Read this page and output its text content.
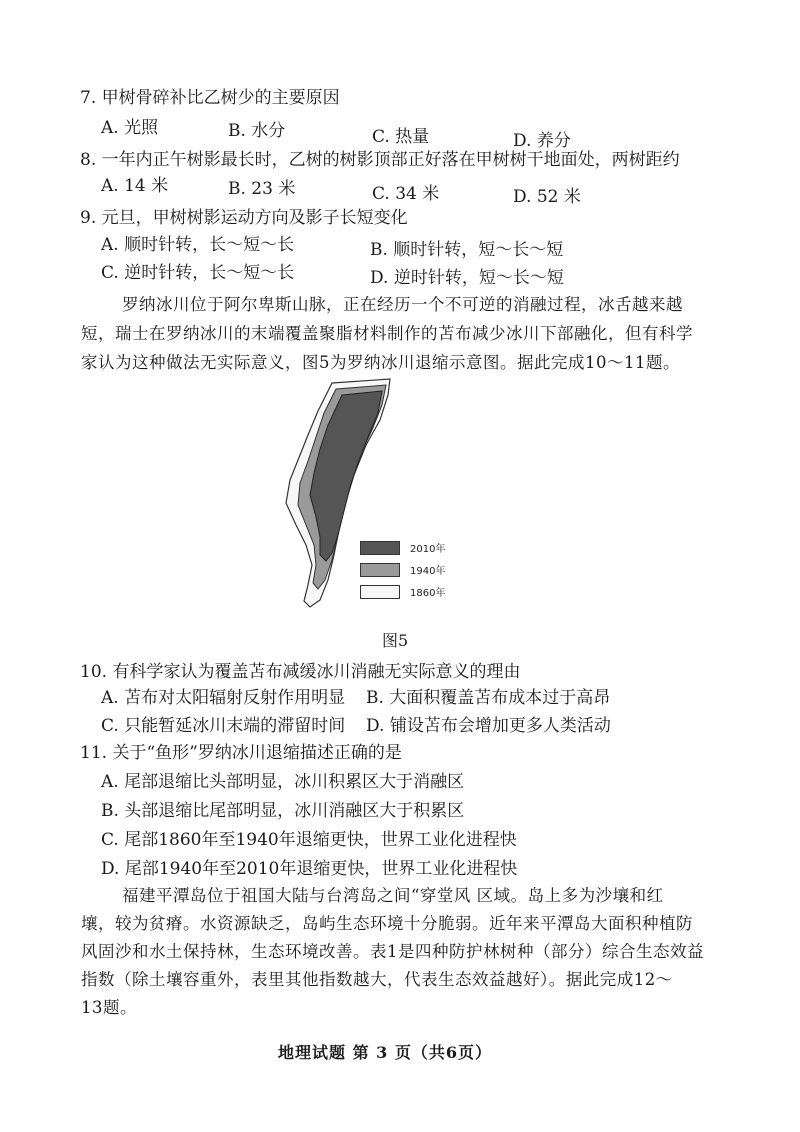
7. 甲树骨碎补比乙树少的主要原因
A. 光照	B. 水分	C. 热量	D. 养分
8. 一年内正午树影最长时，乙树的树影顶部正好落在甲树树干地面处，两树距约
A. 14 米	B. 23 米	C. 34 米	D. 52 米
9. 元旦，甲树树影运动方向及影子长短变化
A. 顺时针转，长～短～长	B. 顺时针转，短～长～短
C. 逆时针转，长～短～长	D. 逆时针转，短～长～短
罗纳冰川位于阿尔卑斯山脉，正在经历一个不可逆的消融过程，冰舌越来越
短，瑞士在罗纳冰川的末端覆盖聚脂材料制作的苫布减少冰川下部融化，但有科学
家认为这种做法无实际意义，图5为罗纳冰川退缩示意图。据此完成10～11题。
2010年
1940年
1860年
图5
10. 有科学家认为覆盖苫布减缓冰川消融无实际意义的理由
A. 苫布对太阳辐射反射作用明显 B. 大面积覆盖苫布成本过于高昂
C. 只能暂延冰川末端的滞留时间 D. 铺设苫布会增加更多人类活动
11. 关于“鱼形”罗纳冰川退缩描述正确的是
A. 尾部退缩比头部明显，冰川积累区大于消融区
B. 头部退缩比尾部明显，冰川消融区大于积累区
C. 尾部1860年至1940年退缩更快，世界工业化进程快
D. 尾部1940年至2010年退缩更快，世界工业化进程快
福建平潭岛位于祖国大陆与台湾岛之间“穿堂风 区域。岛上多为沙壤和红
壤，较为贫瘠。水资源缺乏，岛屿生态环境十分脆弱。近年来平潭岛大面积种植防
风固沙和水土保持林，生态环境改善。表1是四种防护林树种（部分）综合生态效益
指数（除土壤容重外，表里其他指数越大，代表生态效益越好）。据此完成12～
13题。
地理试题 第 3 页（共6页）
